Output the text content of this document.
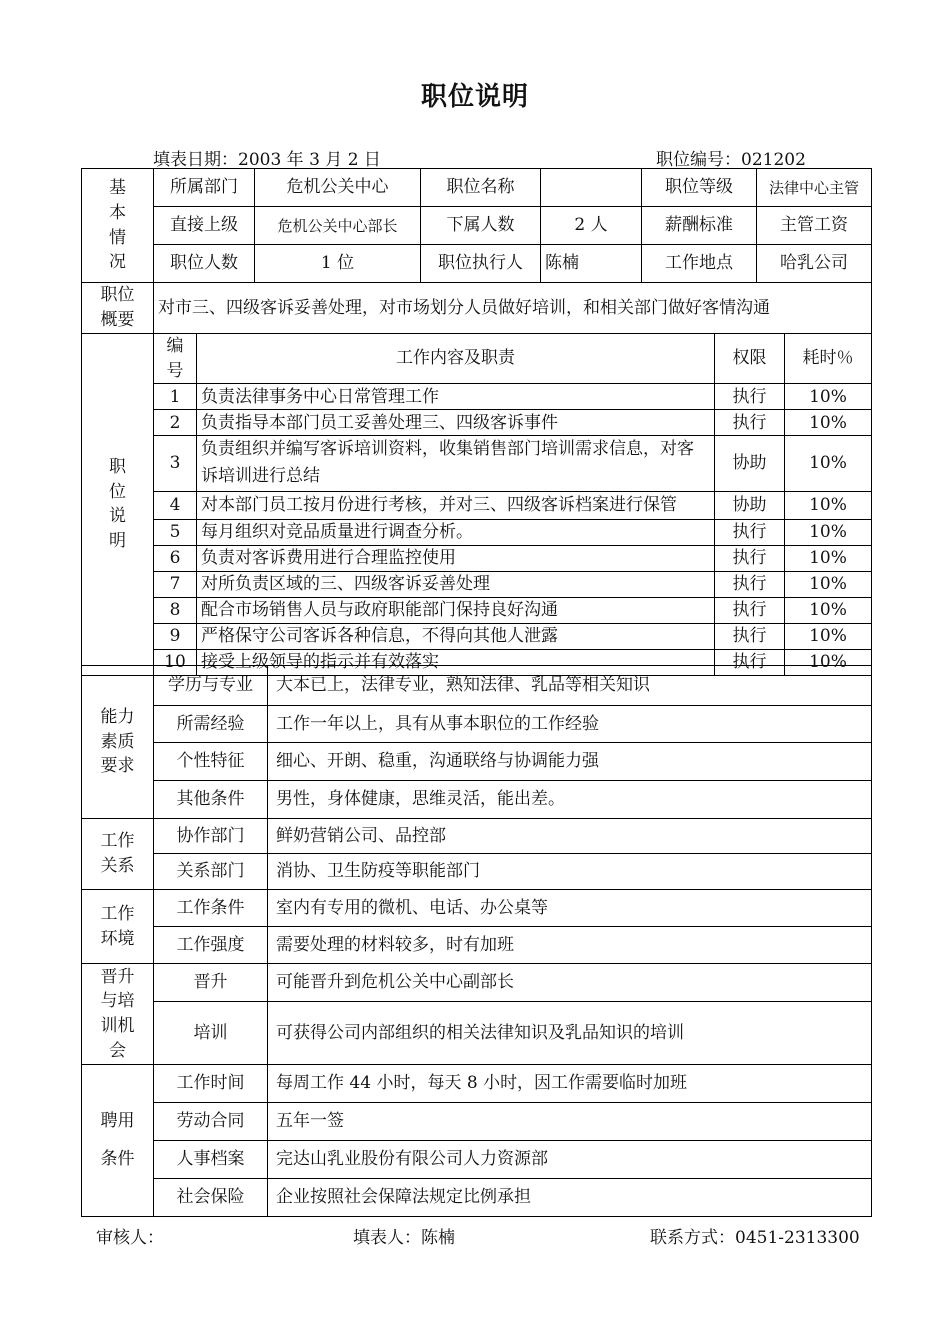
职位说明
填表日期：2003 年 3 月 2 日	职位编号：021202
基本情况	所属部门	危机公关中心	职位名称		职位等级	法律中心主管
	直接上级	危机公关中心部长	下属人数	2 人	薪酬标准	主管工资
	职位人数	1 位	职位执行人	陈楠	工作地点	哈乳公司
职位概要
	对市三、四级客诉妥善处理，对市场划分人员做好培训，和相关部门做好客情沟通
职位说明	编号	工作内容及职责	权限	耗时％
	1	负责法律事务中心日常管理工作	执行	10%
	2	负责指导本部门员工妥善处理三、四级客诉事件	执行	10%
	3	负责组织并编写客诉培训资料，收集销售部门培训需求信息，对客诉培训进行总结	协助	10%
	4	对本部门员工按月份进行考核，并对三、四级客诉档案进行保管	协助	10%
	5	每月组织对竞品质量进行调查分析。	执行	10%
	6	负责对客诉费用进行合理监控使用	执行	10%
	7	对所负责区域的三、四级客诉妥善处理	执行	10%
	8	配合市场销售人员与政府职能部门保持良好沟通	执行	10%
	9	严格保守公司客诉各种信息，不得向其他人泄露	执行	10%
	10	接受上级领导的指示并有效落实	执行	10%
能力素质要求	学历与专业	大本已上，法律专业，熟知法律、乳品等相关知识
	所需经验	工作一年以上，具有从事本职位的工作经验
	个性特征	细心、开朗、稳重，沟通联络与协调能力强
	其他条件	男性，身体健康，思维灵活，能出差。

工作关系	协作部门	鲜奶营销公司、品控部
	关系部门	消协、卫生防疫等职能部门

工作环境	工作条件	室内有专用的微机、电话、办公桌等
	工作强度	需要处理的材料较多，时有加班

晋升与培训机会	晋升	可能晋升到危机公关中心副部长
	培训	可获得公司内部组织的相关法律知识及乳品知识的培训

聘用条件	工作时间	每周工作 44 小时，每天 8 小时，因工作需要临时加班
	劳动合同	五年一签
	人事档案	完达山乳业股份有限公司人力资源部
	社会保险	企业按照社会保障法规定比例承担
审核人：	填表人：陈楠	联系方式：0451-2313300
